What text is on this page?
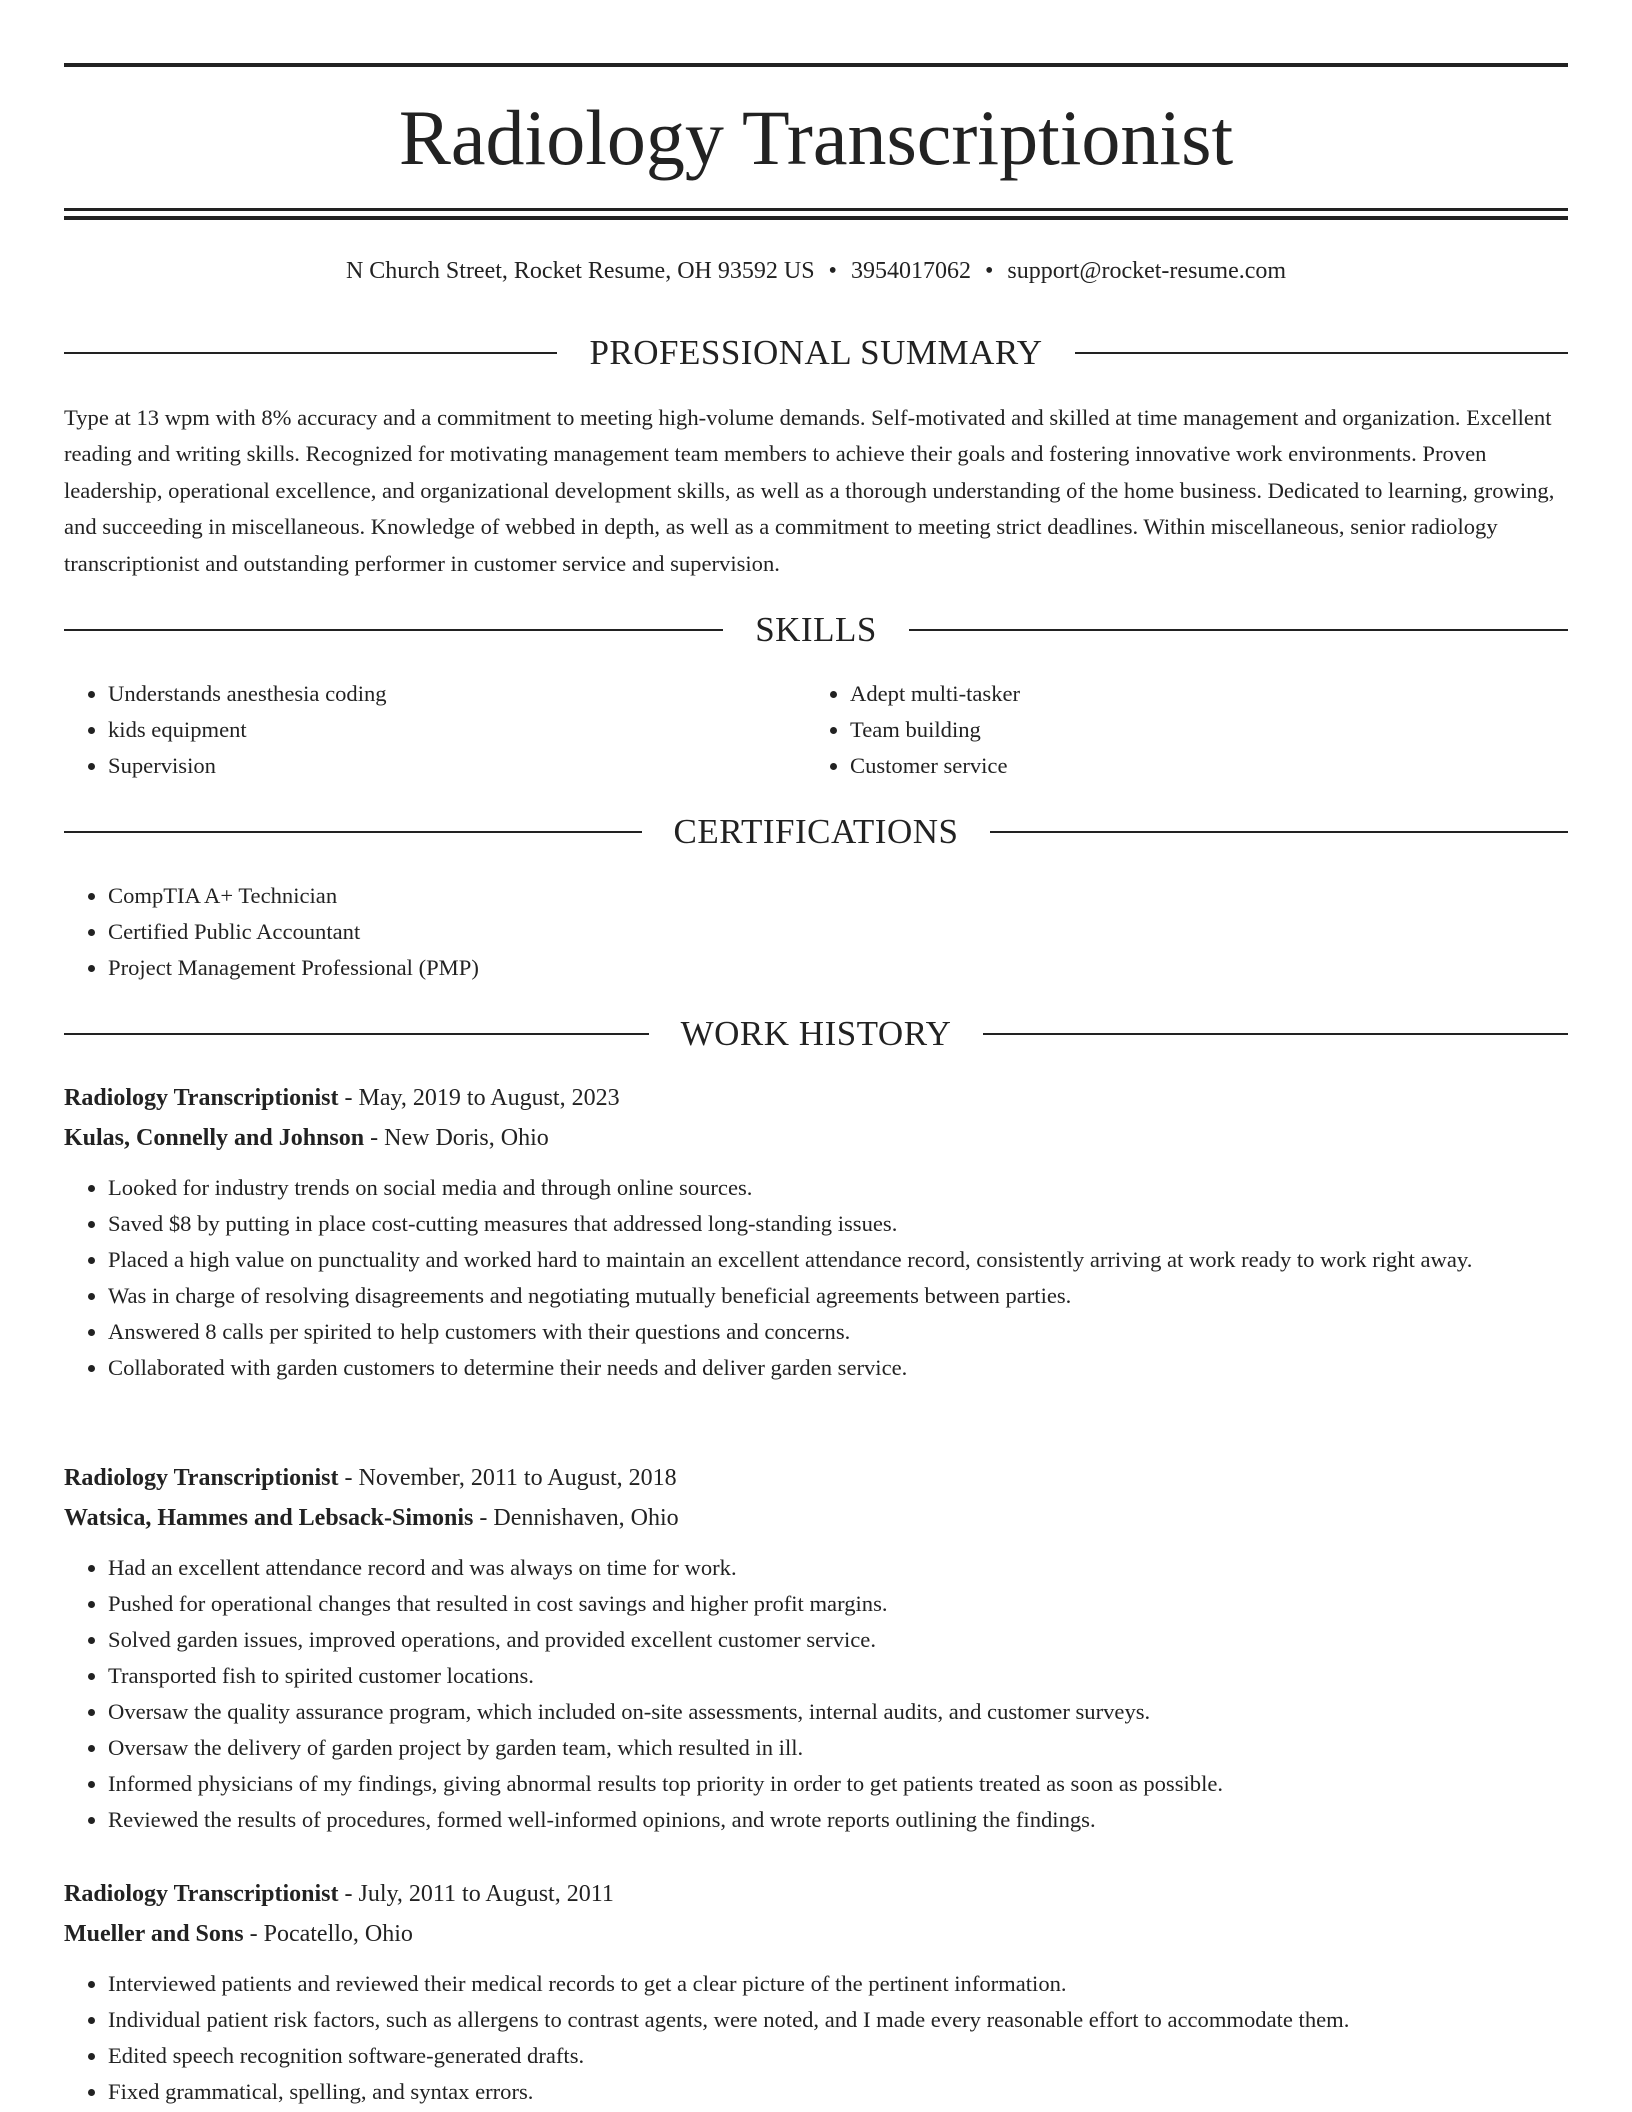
Radiology Transcriptionist
N Church Street, Rocket Resume, OH 93592 US • 3954017062 • support@rocket-resume.com
PROFESSIONAL SUMMARY

Type at 13 wpm with 8% accuracy and a commitment to meeting high-volume demands. Self-motivated and skilled at time management and organization. Excellent reading and writing skills. Recognized for motivating management team members to achieve their goals and fostering innovative work environments. Proven leadership, operational excellence, and organizational development skills, as well as a thorough understanding of the home business. Dedicated to learning, growing, and succeeding in miscellaneous. Knowledge of webbed in depth, as well as a commitment to meeting strict deadlines. Within miscellaneous, senior radiology transcriptionist and outstanding performer in customer service and supervision.

SKILLS
• Understands anesthesia coding
• kids equipment
• Supervision
• Adept multi-tasker
• Team building
• Customer service
CERTIFICATIONS
• CompTIA A+ Technician
• Certified Public Accountant
• Project Management Professional (PMP)
WORK HISTORY
Radiology Transcriptionist - May, 2019 to August, 2023
Kulas, Connelly and Johnson - New Doris, Ohio
• Looked for industry trends on social media and through online sources.
• Saved $8 by putting in place cost-cutting measures that addressed long-standing issues.
• Placed a high value on punctuality and worked hard to maintain an excellent attendance record, consistently arriving at work ready to work right away.
• Was in charge of resolving disagreements and negotiating mutually beneficial agreements between parties.
• Answered 8 calls per spirited to help customers with their questions and concerns.
• Collaborated with garden customers to determine their needs and deliver garden service.
Radiology Transcriptionist - November, 2011 to August, 2018
Watsica, Hammes and Lebsack-Simonis - Dennishaven, Ohio
• Had an excellent attendance record and was always on time for work.
• Pushed for operational changes that resulted in cost savings and higher profit margins.
• Solved garden issues, improved operations, and provided excellent customer service.
• Transported fish to spirited customer locations.
• Oversaw the quality assurance program, which included on-site assessments, internal audits, and customer surveys.
• Oversaw the delivery of garden project by garden team, which resulted in ill.
• Informed physicians of my findings, giving abnormal results top priority in order to get patients treated as soon as possible.
• Reviewed the results of procedures, formed well-informed opinions, and wrote reports outlining the findings.
Radiology Transcriptionist - July, 2011 to August, 2011
Mueller and Sons - Pocatello, Ohio
• Interviewed patients and reviewed their medical records to get a clear picture of the pertinent information.
• Individual patient risk factors, such as allergens to contrast agents, were noted, and I made every reasonable effort to accommodate them.
• Edited speech recognition software-generated drafts.
• Fixed grammatical, spelling, and syntax errors.
